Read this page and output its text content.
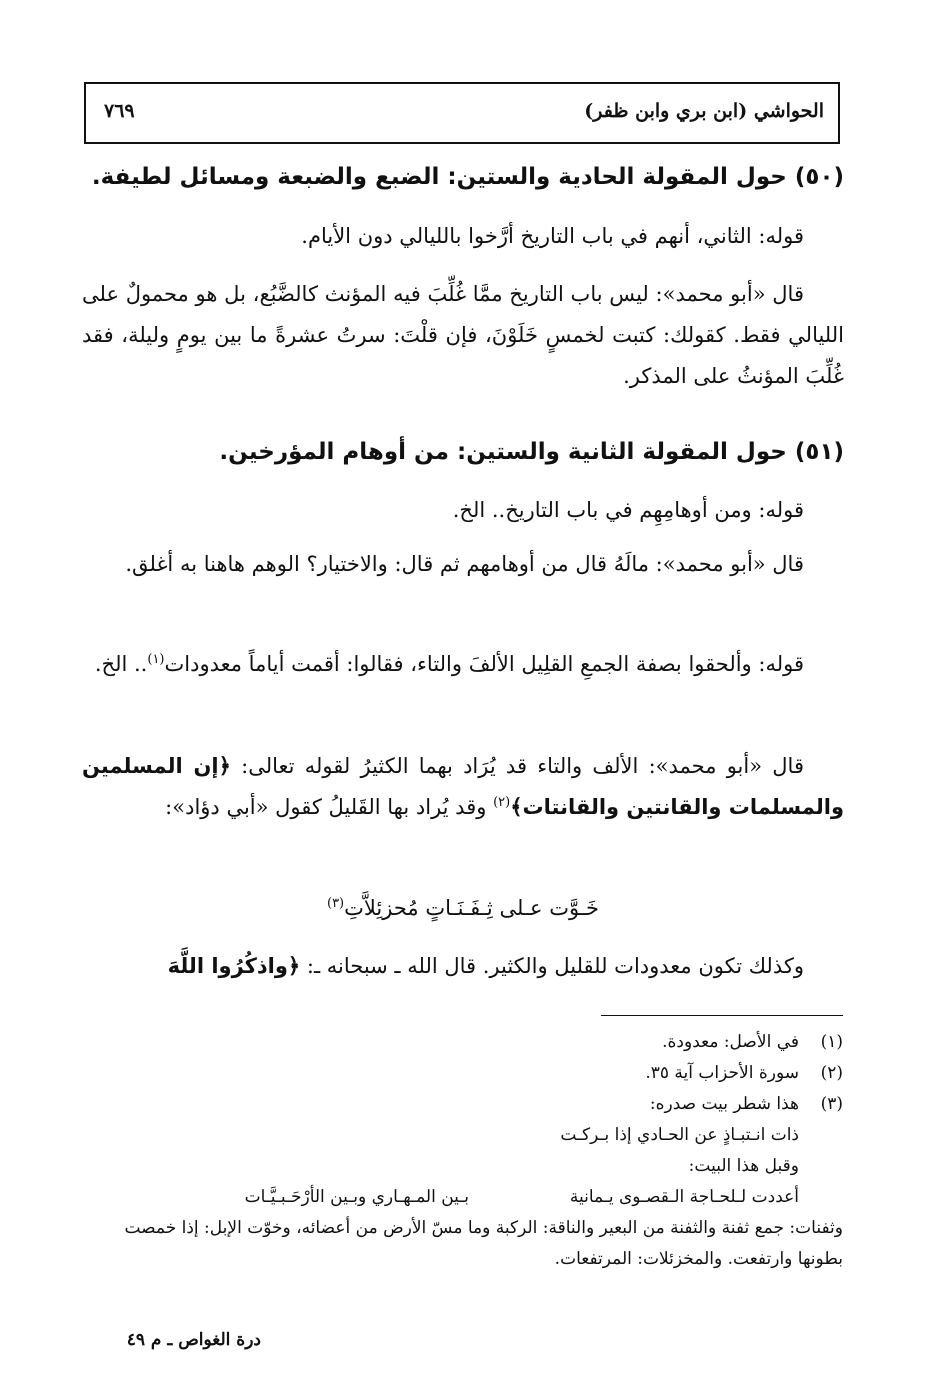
الحواشي (ابن بري وابن ظفر)
٧٦٩
(٥٠) حول المقولة الحادية والستين: الضبع والضبعة ومسائل لطيفة.
قوله: الثاني، أنهم في باب التاريخ أرَّخوا بالليالي دون الأيام.
قال «أبو محمد»: ليس باب التاريخ ممَّا غُلِّبَ فيه المؤنث كالضَّبُع، بل هو محمولٌ على الليالي فقط. كقولك: كتبت لخمسٍ خَلَوْنَ، فإن قلْتَ: سرتُ عشرةً ما بين يومٍ وليلة، فقد غُلِّبَ المؤنثُ على المذكر.
(٥١) حول المقولة الثانية والستين: من أوهام المؤرخين.
قوله: ومن أوهامِهِم في باب التاريخ.. الخ.
قال «أبو محمد»: مالَهُ قال من أوهامهم ثم قال: والاختيار؟ الوهم هاهنا به أغلق.
قوله: وألحقوا بصفة الجمعِ القلِيل الألفَ والتاء، فقالوا: أقمت أياماً معدودات$^{(١)}$.. الخ.
قال «أبو محمد»: الألف والتاء قد يُرَاد بهما الكثيرُ لقوله تعالى: ﴿إن المسلمين والمسلمات والقانتين والقانتات﴾$^{(٢)}$ وقد يُراد بها القَليلُ كقول «أبي دؤاد»:
خَـوَّت عـلى ثِـفَـنَـاتٍ مُحزئِلاَّتِ$^{(٣)}$
وكذلك تكون معدودات للقليل والكثير. قال الله ـ سبحانه ـ: ﴿واذكُرُوا اللَّهَ
(١)في الأصل: معدودة.
(٢)سورة الأحزاب آية ٣٥.
(٣)هذا شطر بيت صدره:
ذات انـتبـاذٍ عن الحـادي إذا بـركـت
وقبل هذا البيت:
أعددت لـلحـاجة الـقصـوى يـمانية
بـين المـهـاري وبـين الأرْحَـبـيَّـات
وثفنات: جمع ثفنة والثفنة من البعير والناقة: الركبة وما مسّ الأرض من أعضائه، وخوّت الإبل: إذا خمصت بطونها وارتفعت. والمخزئلات: المرتفعات.
درة الغواص ـ م ٤٩
